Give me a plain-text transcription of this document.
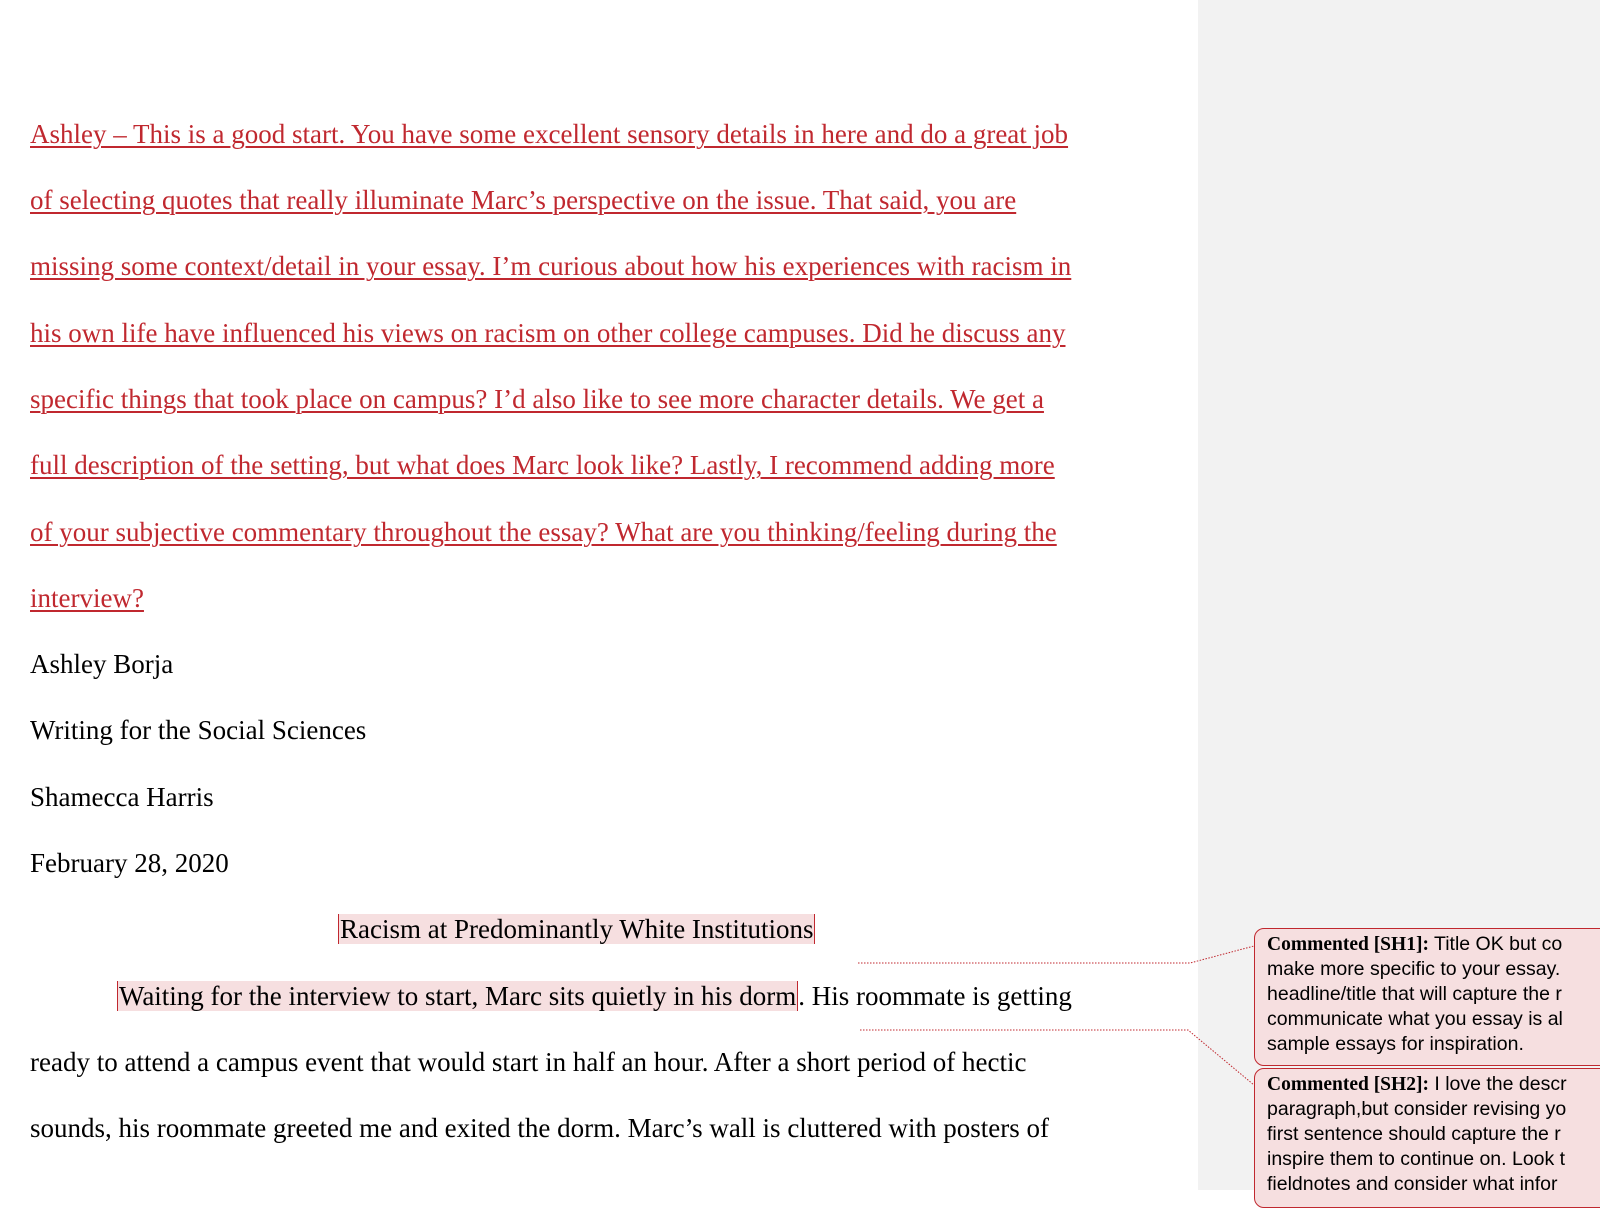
Ashley – This is a good start. You have some excellent sensory details in here and do a great job
of selecting quotes that really illuminate Marc’s perspective on the issue. That said, you are
missing some context/detail in your essay. I’m curious about how his experiences with racism in
his own life have influenced his views on racism on other college campuses. Did he discuss any
specific things that took place on campus? I’d also like to see more character details. We get a
full description of the setting, but what does Marc look like? Lastly, I recommend adding more
of your subjective commentary throughout the essay? What are you thinking/feeling during the
interview?
Ashley Borja
Writing for the Social Sciences
Shamecca Harris
February 28, 2020
Racism at Predominantly White Institutions
Waiting for the interview to start, Marc sits quietly in his dorm. His roommate is getting
ready to attend a campus event that would start in half an hour. After a short period of hectic
sounds, his roommate greeted me and exited the dorm. Marc’s wall is cluttered with posters of
Commented [SH1]: Title OK but co
make more specific to your essay.
headline/title that will capture the r
communicate what you essay is al
sample essays for inspiration.
Commented [SH2]: I love the descr
paragraph,but consider revising yo
first sentence should capture the r
inspire them to continue on. Look t
fieldnotes and consider what infor
